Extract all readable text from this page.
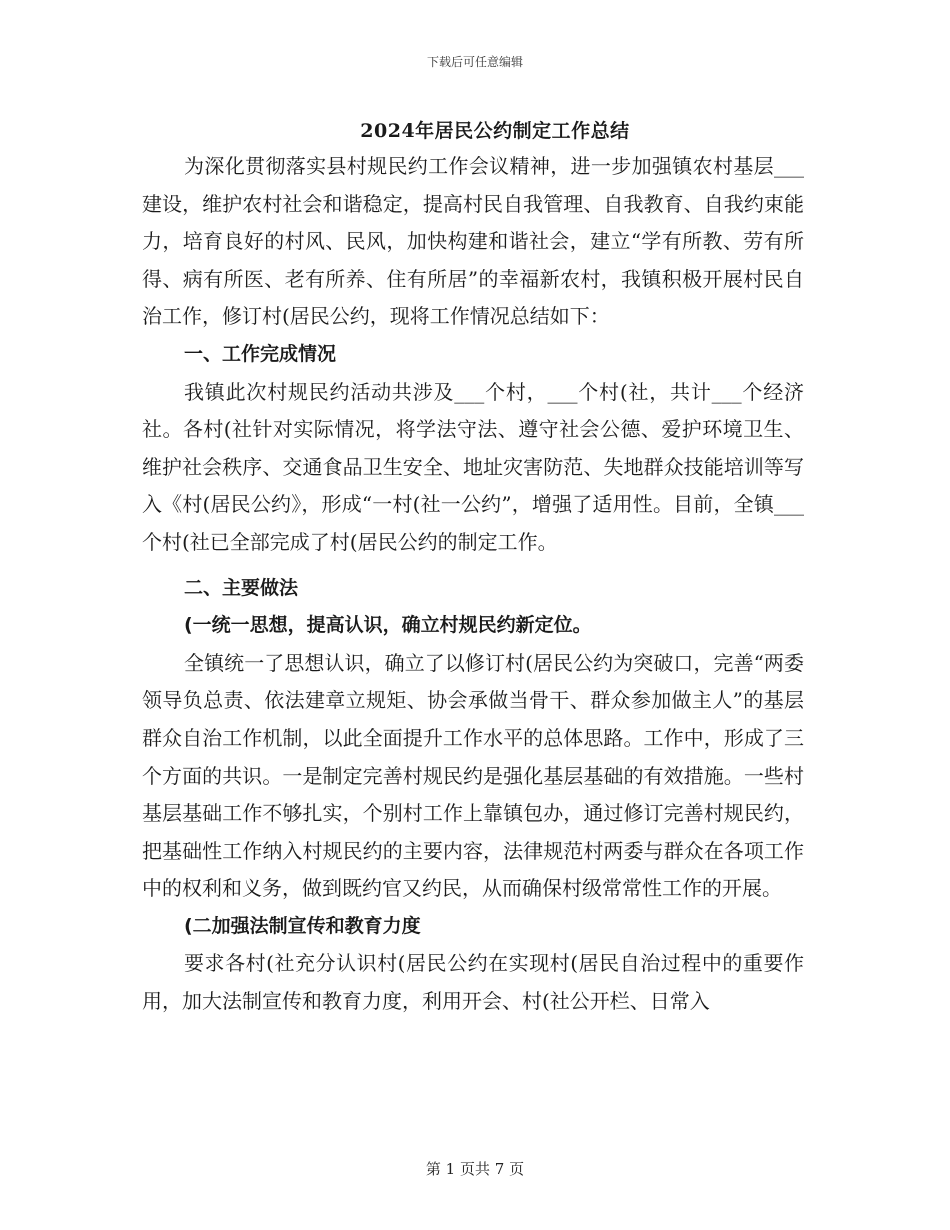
下载后可任意编辑
2024年居民公约制定工作总结

为深化贯彻落实县村规民约工作会议精神，进一步加强镇农村基层___建设，维护农村社会和谐稳定，提高村民自我管理、自我教育、自我约束能力，培育良好的村风、民风，加快构建和谐社会，建立“学有所教、劳有所得、病有所医、老有所养、住有所居”的幸福新农村，我镇积极开展村民自治工作，修订村(居民公约，现将工作情况总结如下：

一、工作完成情况

我镇此次村规民约活动共涉及___个村，___个村(社，共计___个经济社。各村(社针对实际情况，将学法守法、遵守社会公德、爱护环境卫生、维护社会秩序、交通食品卫生安全、地址灾害防范、失地群众技能培训等写入《村(居民公约》，形成“一村(社一公约”，增强了适用性。目前，全镇___个村(社已全部完成了村(居民公约的制定工作。

二、主要做法

(一统一思想，提高认识，确立村规民约新定位。

全镇统一了思想认识，确立了以修订村(居民公约为突破口，完善“两委领导负总责、依法建章立规矩、协会承做当骨干、群众参加做主人”的基层群众自治工作机制，以此全面提升工作水平的总体思路。工作中，形成了三个方面的共识。一是制定完善村规民约是强化基层基础的有效措施。一些村基层基础工作不够扎实，个别村工作上靠镇包办，通过修订完善村规民约，把基础性工作纳入村规民约的主要内容，法律规范村两委与群众在各项工作中的权利和义务，做到既约官又约民，从而确保村级常常性工作的开展。

(二加强法制宣传和教育力度

要求各村(社充分认识村(居民公约在实现村(居民自治过程中的重要作用，加大法制宣传和教育力度，利用开会、村(社公开栏、日常入

第 1 页共 7 页
